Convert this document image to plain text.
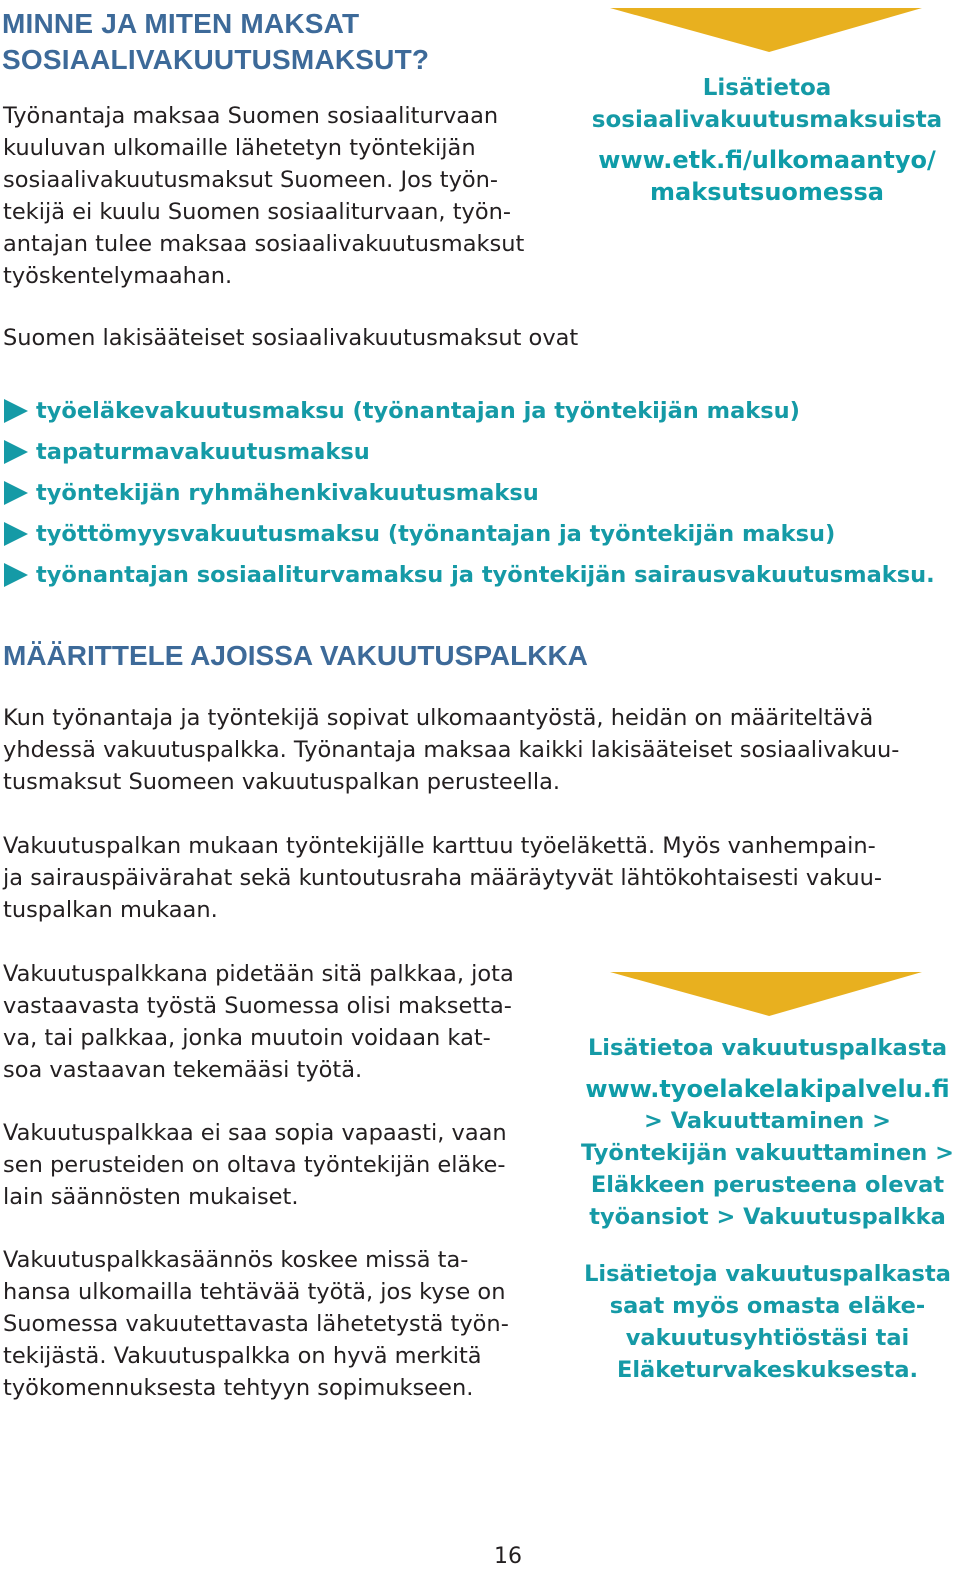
MINNE JA MITEN MAKSAT
SOSIAALIVAKUUTUSMAKSUT?
Työnantaja maksaa Suomen sosiaaliturvaan
kuuluvan ulkomaille lähetetyn työntekijän
sosiaalivakuutusmaksut Suomeen. Jos työn-
tekijä ei kuulu Suomen sosiaaliturvaan, työn-
antajan tulee maksaa sosiaalivakuutusmaksut
työskentelymaahan.
Lisätietoa
sosiaalivakuutusmaksuista
www.etk.fi/ulkomaantyo/
maksutsuomessa
Suomen lakisääteiset sosiaalivakuutusmaksut ovat
työeläkevakuutusmaksu (työnantajan ja työntekijän maksu)
tapaturmavakuutusmaksu
työntekijän ryhmähenkivakuutusmaksu
työttömyysvakuutusmaksu (työnantajan ja työntekijän maksu)
työnantajan sosiaaliturvamaksu ja työntekijän sairausvakuutusmaksu.
MÄÄRITTELE AJOISSA VAKUUTUSPALKKA
Kun työnantaja ja työntekijä sopivat ulkomaantyöstä, heidän on määriteltävä
yhdessä vakuutuspalkka. Työnantaja maksaa kaikki lakisääteiset sosiaalivakuu-
tusmaksut Suomeen vakuutuspalkan perusteella.
Vakuutuspalkan mukaan työntekijälle karttuu työeläkettä. Myös vanhempain-
ja sairauspäivärahat sekä kuntoutusraha määräytyvät lähtökohtaisesti vakuu-
tuspalkan mukaan.
Vakuutuspalkkana pidetään sitä palkkaa, jota
vastaavasta työstä Suomessa olisi maksetta-
va, tai palkkaa, jonka muutoin voidaan kat-
soa vastaavan tekemääsi työtä.
Vakuutuspalkkaa ei saa sopia vapaasti, vaan
sen perusteiden on oltava työntekijän eläke-
lain säännösten mukaiset.
Vakuutuspalkkasäännös koskee missä ta-
hansa ulkomailla tehtävää työtä, jos kyse on
Suomessa vakuutettavasta lähetetystä työn-
tekijästä. Vakuutuspalkka on hyvä merkitä
työkomennuksesta tehtyyn sopimukseen.
Lisätietoa vakuutuspalkasta
www.tyoelakelakipalvelu.fi
> Vakuuttaminen >
Työntekijän vakuuttaminen >
Eläkkeen perusteena olevat
työansiot > Vakuutuspalkka
Lisätietoja vakuutuspalkasta
saat myös omasta eläke-
vakuutusyhtiöstäsi tai
Eläketurvakeskuksesta.
16
